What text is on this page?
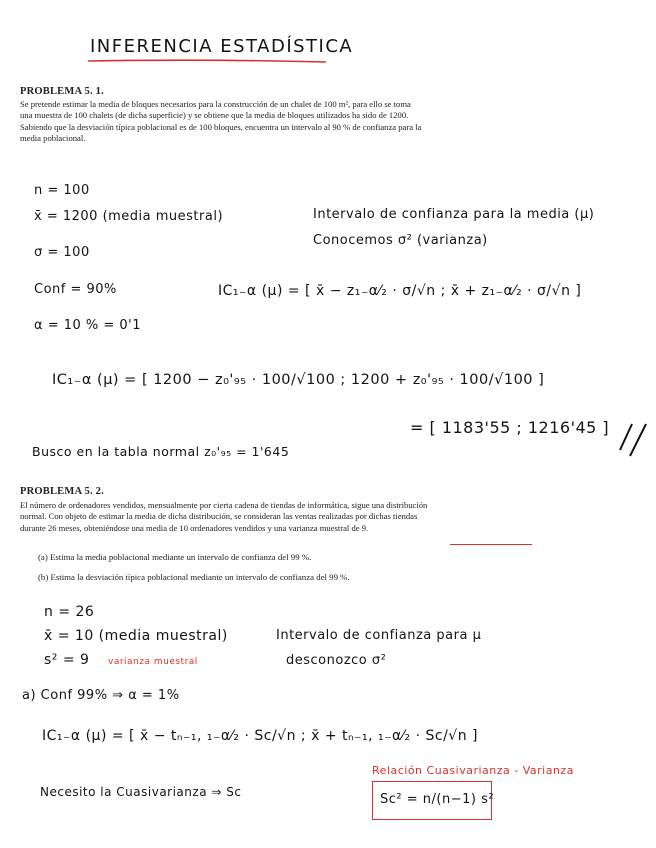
INFERENCIA ESTADÍSTICA
PROBLEMA 5. 1.
Se pretende estimar la media de bloques necesarios para la construcción de un chalet de 100 m², para ello se toma
una muestra de 100 chalets (de dicha superficie) y se obtiene que la media de bloques utilizados ha sido de 1200.
Sabiendo que la desviación típica poblacional es de 100 bloques, encuentra un intervalo al 90 % de confianza para la
media poblacional.
n = 100
x̄ = 1200 (media muestral)
σ = 100
Conf = 90%
α = 10 % = 0'1
Intervalo de confianza para la media (μ)
Conocemos σ² (varianza)
IC₁₋α (μ) = [ x̄ − z₁₋α⁄₂ · σ/√n ; x̄ + z₁₋α⁄₂ · σ/√n ]
IC₁₋α (μ) = [ 1200 − z₀'₉₅ · 100/√100 ; 1200 + z₀'₉₅ · 100/√100 ]
= [ 1183'55 ; 1216'45 ]
Busco en la tabla normal z₀'₉₅ = 1'645
PROBLEMA 5. 2.
El número de ordenadores vendidos, mensualmente por cierta cadena de tiendas de informática, sigue una distribución
normal. Con objeto de estimar la media de dicha distribución, se consideran las ventas realizadas por dichas tiendas
durante 26 meses, obteniéndose una media de 10 ordenadores vendidos y una varianza muestral de 9.
(a) Estima la media poblacional mediante un intervalo de confianza del 99 %.
(b) Estima la desviación típica poblacional mediante un intervalo de confianza del 99 %.
n = 26
x̄ = 10 (media muestral)
s² = 9 varianza muestral
Intervalo de confianza para μ
desconozco σ²
a) Conf 99% ⇒ α = 1%
IC₁₋α (μ) = [ x̄ − tₙ₋₁, ₁₋α⁄₂ · Sc/√n ; x̄ + tₙ₋₁, ₁₋α⁄₂ · Sc/√n ]
Necesito la Cuasivarianza ⇒ Sc
Relación Cuasivarianza - Varianza
Sc² = n/(n−1) s²
